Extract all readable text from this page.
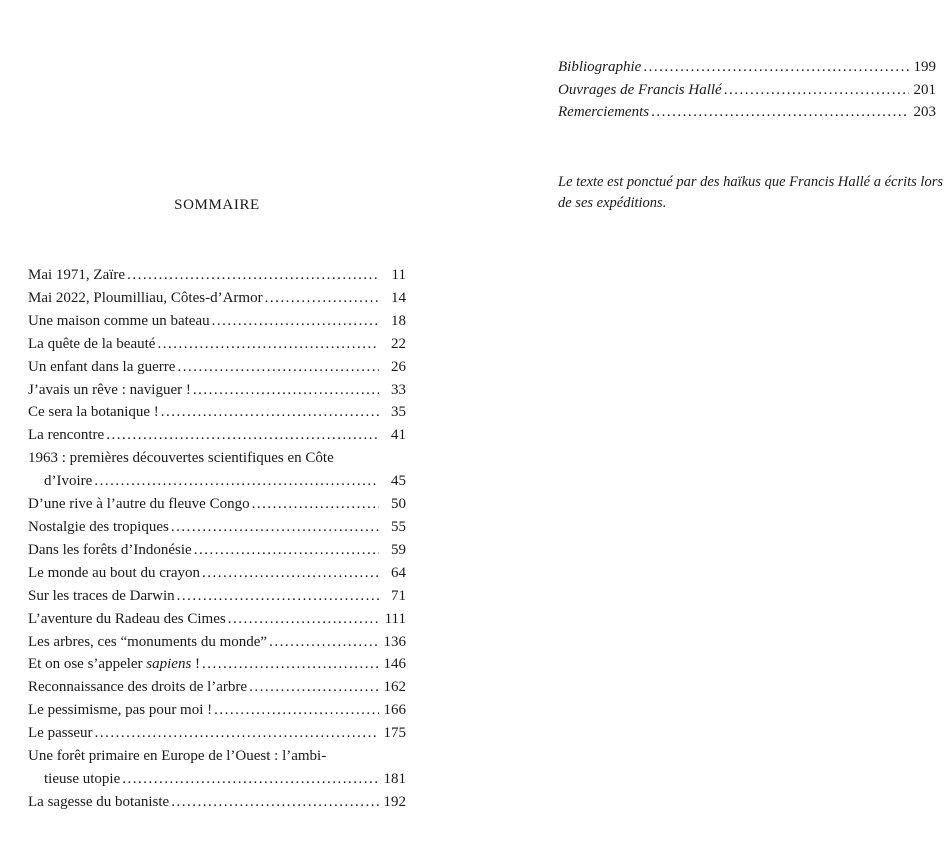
SOMMAIRE
Mai 1971, Zaïre .....	11
Mai 2022, Ploumilliau, Côtes-d’Armor .....	14
Une maison comme un bateau .....	18
La quête de la beauté .....	22
Un enfant dans la guerre .....	26
J’avais un rêve : naviguer ! .....	33
Ce sera la botanique ! .....	35
La rencontre .....	41
1963 : premières découvertes scientifiques en Côte
d’Ivoire .....	45
D’une rive à l’autre du fleuve Congo .....	50
Nostalgie des tropiques .....	55
Dans les forêts d’Indonésie .....	59
Le monde au bout du crayon .....	64
Sur les traces de Darwin .....	71
L’aventure du Radeau des Cimes .....	111
Les arbres, ces “monuments du monde” .....	136
Et on ose s’appeler sapiens ! .....	146
Reconnaissance des droits de l’arbre .....	162
Le pessimisme, pas pour moi ! .....	166
Le passeur .....	175
Une forêt primaire en Europe de l’Ouest : l’ambi-
tieuse utopie .....	181
La sagesse du botaniste .....	192
Bibliographie .....	199
Ouvrages de Francis Hallé .....	201
Remerciements .....	203

Le texte est ponctué par des haïkus que Francis Hallé a écrits lors de ses expéditions.
